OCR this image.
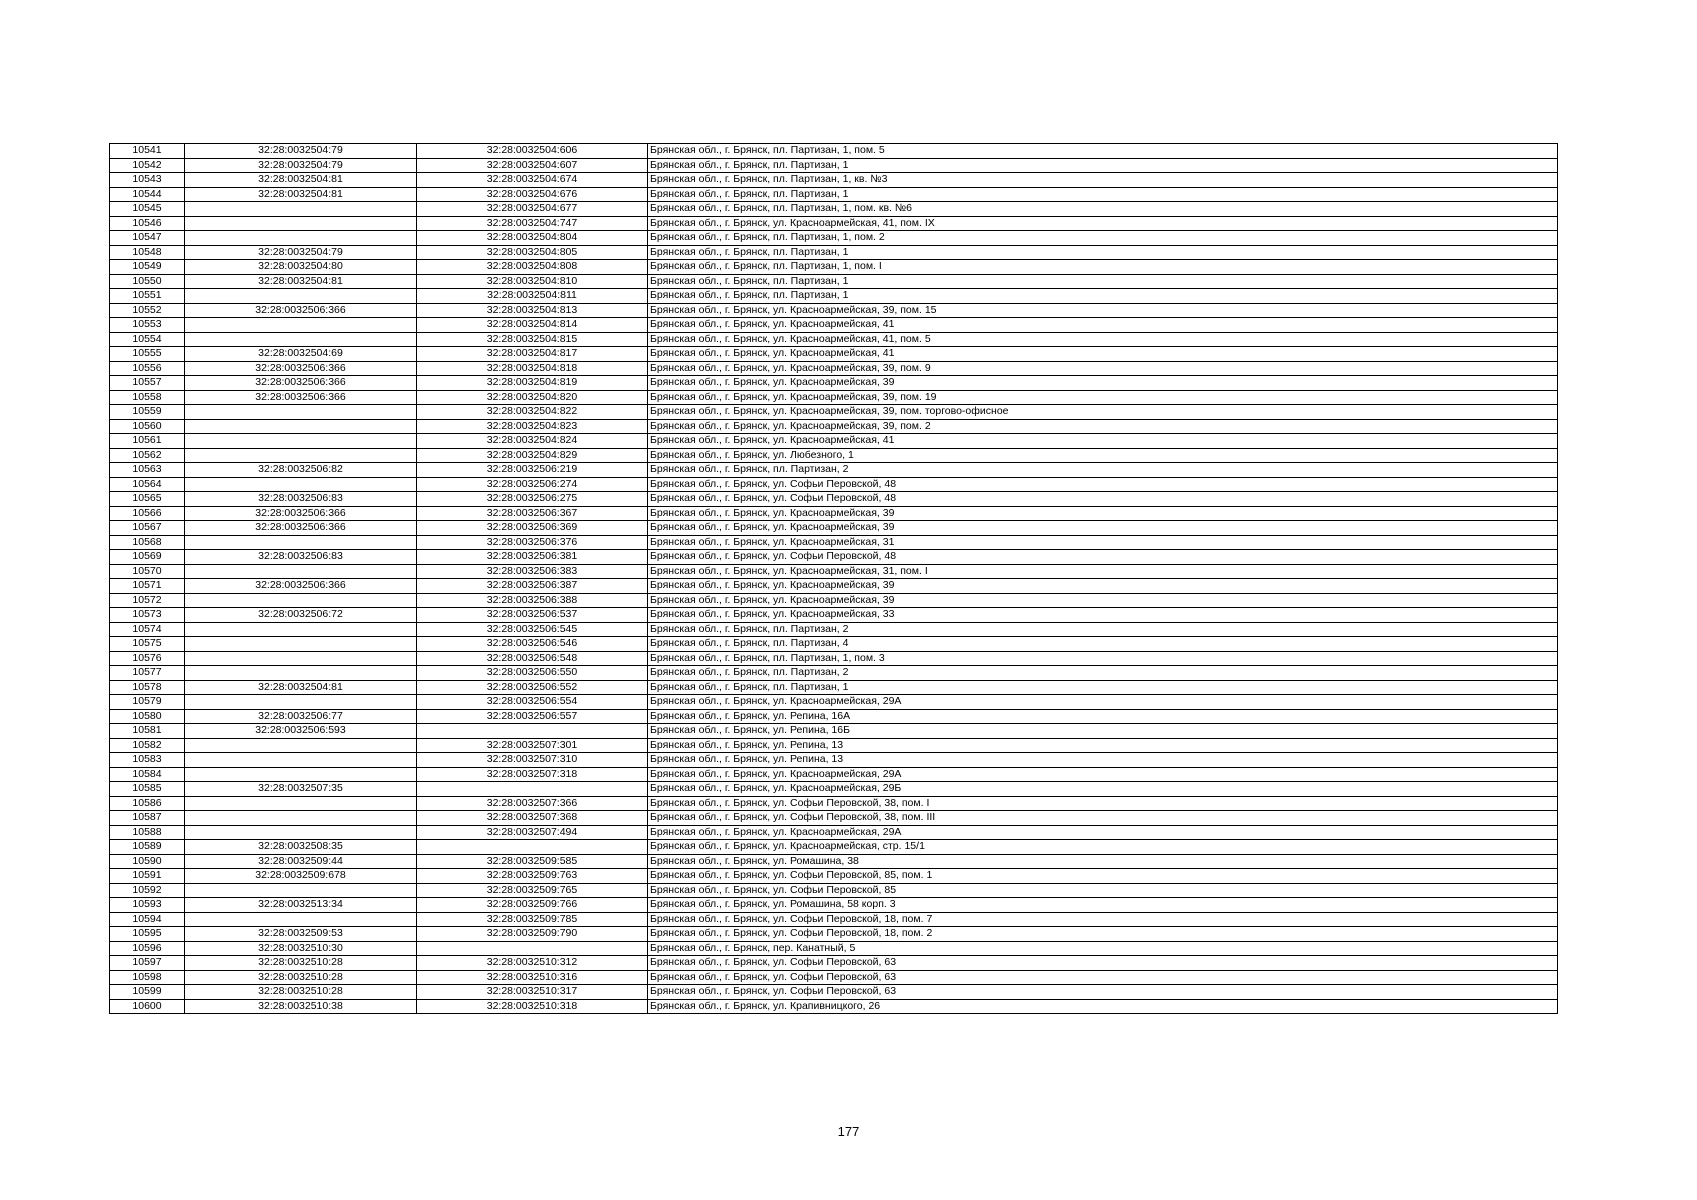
10541	32:28:0032504:79	32:28:0032504:606	Брянская обл., г. Брянск, пл. Партизан, 1, пом. 5
10542	32:28:0032504:79	32:28:0032504:607	Брянская обл., г. Брянск, пл. Партизан, 1
10543	32:28:0032504:81	32:28:0032504:674	Брянская обл., г. Брянск, пл. Партизан, 1, кв. №3
10544	32:28:0032504:81	32:28:0032504:676	Брянская обл., г. Брянск, пл. Партизан, 1
10545		32:28:0032504:677	Брянская обл., г. Брянск, пл. Партизан, 1, пом. кв. №6
10546		32:28:0032504:747	Брянская обл., г. Брянск, ул. Красноармейская, 41, пом. IX
10547		32:28:0032504:804	Брянская обл., г. Брянск, пл. Партизан, 1, пом. 2
10548	32:28:0032504:79	32:28:0032504:805	Брянская обл., г. Брянск, пл. Партизан, 1
10549	32:28:0032504:80	32:28:0032504:808	Брянская обл., г. Брянск, пл. Партизан, 1, пом. I
10550	32:28:0032504:81	32:28:0032504:810	Брянская обл., г. Брянск, пл. Партизан, 1
10551		32:28:0032504:811	Брянская обл., г. Брянск, пл. Партизан, 1
10552	32:28:0032506:366	32:28:0032504:813	Брянская обл., г. Брянск, ул. Красноармейская, 39, пом. 15
10553		32:28:0032504:814	Брянская обл., г. Брянск, ул. Красноармейская, 41
10554		32:28:0032504:815	Брянская обл., г. Брянск, ул. Красноармейская, 41, пом. 5
10555	32:28:0032504:69	32:28:0032504:817	Брянская обл., г. Брянск, ул. Красноармейская, 41
10556	32:28:0032506:366	32:28:0032504:818	Брянская обл., г. Брянск, ул. Красноармейская, 39, пом. 9
10557	32:28:0032506:366	32:28:0032504:819	Брянская обл., г. Брянск, ул. Красноармейская, 39
10558	32:28:0032506:366	32:28:0032504:820	Брянская обл., г. Брянск, ул. Красноармейская, 39, пом. 19
10559		32:28:0032504:822	Брянская обл., г. Брянск, ул. Красноармейская, 39, пом. торгово-офисное
10560		32:28:0032504:823	Брянская обл., г. Брянск, ул. Красноармейская, 39, пом. 2
10561		32:28:0032504:824	Брянская обл., г. Брянск, ул. Красноармейская, 41
10562		32:28:0032504:829	Брянская обл., г. Брянск, ул. Любезного, 1
10563	32:28:0032506:82	32:28:0032506:219	Брянская обл., г. Брянск, пл. Партизан, 2
10564		32:28:0032506:274	Брянская обл., г. Брянск, ул. Софьи Перовской, 48
10565	32:28:0032506:83	32:28:0032506:275	Брянская обл., г. Брянск, ул. Софьи Перовской, 48
10566	32:28:0032506:366	32:28:0032506:367	Брянская обл., г. Брянск, ул. Красноармейская, 39
10567	32:28:0032506:366	32:28:0032506:369	Брянская обл., г. Брянск, ул. Красноармейская, 39
10568		32:28:0032506:376	Брянская обл., г. Брянск, ул. Красноармейская, 31
10569	32:28:0032506:83	32:28:0032506:381	Брянская обл., г. Брянск, ул. Софьи Перовской, 48
10570		32:28:0032506:383	Брянская обл., г. Брянск, ул. Красноармейская, 31, пом. I
10571	32:28:0032506:366	32:28:0032506:387	Брянская обл., г. Брянск, ул. Красноармейская, 39
10572		32:28:0032506:388	Брянская обл., г. Брянск, ул. Красноармейская, 39
10573	32:28:0032506:72	32:28:0032506:537	Брянская обл., г. Брянск, ул. Красноармейская, 33
10574		32:28:0032506:545	Брянская обл., г. Брянск, пл. Партизан, 2
10575		32:28:0032506:546	Брянская обл., г. Брянск, пл. Партизан, 4
10576		32:28:0032506:548	Брянская обл., г. Брянск, пл. Партизан, 1, пом. 3
10577		32:28:0032506:550	Брянская обл., г. Брянск, пл. Партизан, 2
10578	32:28:0032504:81	32:28:0032506:552	Брянская обл., г. Брянск, пл. Партизан, 1
10579		32:28:0032506:554	Брянская обл., г. Брянск, ул. Красноармейская, 29А
10580	32:28:0032506:77	32:28:0032506:557	Брянская обл., г. Брянск, ул. Репина, 16А
10581	32:28:0032506:593		Брянская обл., г. Брянск, ул. Репина, 16Б
10582		32:28:0032507:301	Брянская обл., г. Брянск, ул. Репина, 13
10583		32:28:0032507:310	Брянская обл., г. Брянск, ул. Репина, 13
10584		32:28:0032507:318	Брянская обл., г. Брянск, ул. Красноармейская, 29А
10585	32:28:0032507:35		Брянская обл., г. Брянск, ул. Красноармейская, 29Б
10586		32:28:0032507:366	Брянская обл., г. Брянск, ул. Софьи Перовской, 38, пом. I
10587		32:28:0032507:368	Брянская обл., г. Брянск, ул. Софьи Перовской, 38, пом. III
10588		32:28:0032507:494	Брянская обл., г. Брянск, ул. Красноармейская, 29А
10589	32:28:0032508:35		Брянская обл., г. Брянск, ул. Красноармейская, стр. 15/1
10590	32:28:0032509:44	32:28:0032509:585	Брянская обл., г. Брянск, ул. Ромашина, 38
10591	32:28:0032509:678	32:28:0032509:763	Брянская обл., г. Брянск, ул. Софьи Перовской, 85, пом. 1
10592		32:28:0032509:765	Брянская обл., г. Брянск, ул. Софьи Перовской, 85
10593	32:28:0032513:34	32:28:0032509:766	Брянская обл., г. Брянск, ул. Ромашина, 58 корп. 3
10594		32:28:0032509:785	Брянская обл., г. Брянск, ул. Софьи Перовской, 18, пом. 7
10595	32:28:0032509:53	32:28:0032509:790	Брянская обл., г. Брянск, ул. Софьи Перовской, 18, пом. 2
10596	32:28:0032510:30		Брянская обл., г. Брянск, пер. Канатный, 5
10597	32:28:0032510:28	32:28:0032510:312	Брянская обл., г. Брянск, ул. Софьи Перовской, 63
10598	32:28:0032510:28	32:28:0032510:316	Брянская обл., г. Брянск, ул. Софьи Перовской, 63
10599	32:28:0032510:28	32:28:0032510:317	Брянская обл., г. Брянск, ул. Софьи Перовской, 63
10600	32:28:0032510:38	32:28:0032510:318	Брянская обл., г. Брянск, ул. Крапивницкого, 26
177
